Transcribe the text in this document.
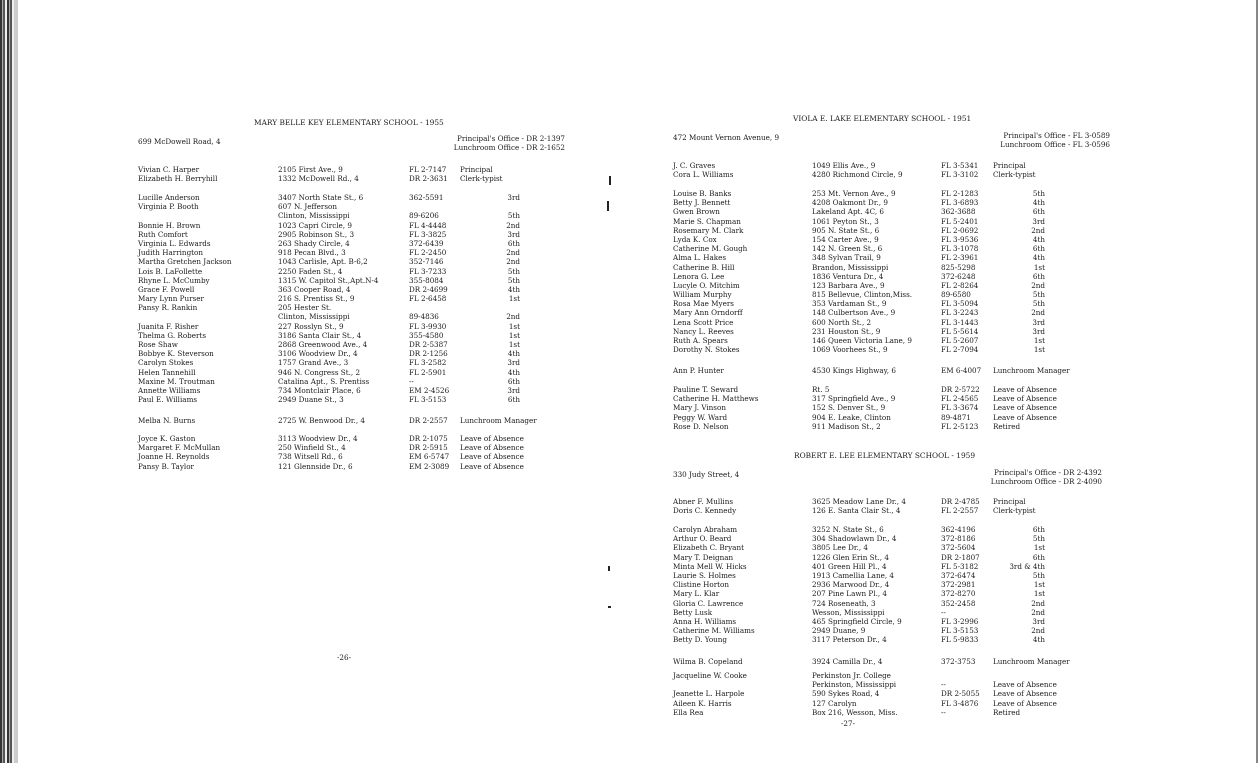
MARY BELLE KEY ELEMENTARY SCHOOL - 1955
699 McDowell Road, 4	Principal's Office - DR 2-1397
Lunchroom Office - DR 2-1652
Vivian C. Harper	2105 First Ave., 9	FL 2-7147 Principal
Elizabeth H. Berryhill	1332 McDowell Rd., 4	DR 2-3631 Clerk-typist
Lucille Anderson	3407 North State St., 6	362-5591	3rd
Virginia P. Booth	607 N. Jefferson
Clinton, Mississippi	89-6206	5th
Bonnie H. Brown	1023 Capri Circle, 9	FL 4-4448	2nd
Ruth Comfort	2905 Robinson St., 3	FL 3-3825	3rd
Virginia L. Edwards	263 Shady Circle, 4	372-6439	6th
Judith Harrington	918 Pecan Blvd., 3	FL 2-2450	2nd
Martha Gretchen Jackson	1043 Carlisle, Apt. B-6,2	352-7146	2nd
Lois B. LaFollette	2250 Faden St., 4	FL 3-7233	5th
Rhyne L. McCumby	1315 W. Capitol St.,Apt.N-4	355-8084	5th
Grace F. Powell	363 Cooper Road, 4	DR 2-4699	4th
Mary Lynn Purser	216 S. Prentiss St., 9	FL 2-6458	1st
Pansy R. Rankin	205 Hester St.
Clinton, Mississippi	89-4836	2nd
Juanita F. Risher	227 Rosslyn St., 9	FL 3-9930	1st
Thelma G. Roberts	3186 Santa Clair St., 4	355-4580	1st
Rose Shaw	2868 Greenwood Ave., 4	DR 2-5387	1st
Bobbye K. Steverson	3106 Woodview Dr., 4	DR 2-1256	4th
Carolyn Stokes	1757 Grand Ave., 3	FL 3-2582	3rd
Helen Tannehill	946 N. Congress St., 2	FL 2-5901	4th
Maxine M. Troutman	Catalina Apt., S. Prentiss	--	6th
Annette Williams	734 Montclair Place, 6	EM 2-4526	3rd
Paul E. Williams	2949 Duane St., 3	FL 3-5153	6th
Melba N. Burns	2725 W. Benwood Dr., 4	DR 2-2557 Lunchroom Manager
Joyce K. Gaston	3113 Woodview Dr., 4	DR 2-1075 Leave of Absence
Margaret F. McMullan	250 Winfield St., 4	DR 2-5915 Leave of Absence
Joanne H. Reynolds	738 Witsell Rd., 6	EM 6-5747 Leave of Absence
Pansy B. Taylor	121 Glennside Dr., 6	EM 2-3089 Leave of Absence
-26-
VIOLA E. LAKE ELEMENTARY SCHOOL - 1951
472 Mount Vernon Avenue, 9	Principal's Office - FL 3-0589
Lunchroom Office - FL 3-0596
J. C. Graves	1049 Ellis Ave., 9	FL 3-5341 Principal
Cora L. Williams	4280 Richmond Circle, 9	FL 3-3102 Clerk-typist
Louise B. Banks	253 Mt. Vernon Ave., 9	FL 2-1283	5th
Betty J. Bennett	4208 Oakmont Dr., 9	FL 3-6893	4th
Gwen Brown	Lakeland Apt. 4C, 6	362-3688	6th
Marie S. Chapman	1061 Peyton St., 3	FL 5-2401	3rd
Rosemary M. Clark	905 N. State St., 6	FL 2-0692	2nd
Lyda K. Cox	154 Carter Ave., 9	FL 3-9536	4th
Catherine M. Gough	142 N. Green St., 6	FL 3-1078	6th
Alma L. Hakes	348 Sylvan Trail, 9	FL 2-3961	4th
Catherine B. Hill	Brandon, Mississippi	825-5298	1st
Lenora G. Lee	1836 Ventura Dr., 4	372-6248	6th
Lucyle O. Mitchim	123 Barbara Ave., 9	FL 2-8264	2nd
William Murphy	815 Bellevue, Clinton,Miss.	89-6580	5th
Rosa Mae Myers	353 Vardaman St., 9	FL 3-5094	5th
Mary Ann Orndorff	148 Culbertson Ave., 9	FL 3-2243	2nd
Lena Scott Price	600 North St., 2	FL 3-1443	3rd
Nancy L. Reeves	231 Houston St., 9	FL 5-5614	3rd
Ruth A. Spears	146 Queen Victoria Lane, 9	FL 5-2607	1st
Dorothy N. Stokes	1069 Voorhees St., 9	FL 2-7094	1st
Ann P. Hunter	4530 Kings Highway, 6	EM 6-4007 Lunchroom Manager
Pauline T. Seward	Rt. 5	DR 2-5722 Leave of Absence
Catherine H. Matthews	317 Springfield Ave., 9	FL 2-4565 Leave of Absence
Mary J. Vinson	152 S. Denver St., 9	FL 3-3674 Leave of Absence
Peggy W. Ward	904 E. Leake, Clinton	89-4871	Leave of Absence
Rose D. Nelson	911 Madison St., 2	FL 2-5123 Retired
ROBERT E. LEE ELEMENTARY SCHOOL - 1959
330 Judy Street, 4	Principal's Office - DR 2-4392
Lunchroom Office - DR 2-4090
Abner F. Mullins	3625 Meadow Lane Dr., 4	DR 2-4785 Principal
Doris C. Kennedy	126 E. Santa Clair St., 4	FL 2-2557 Clerk-typist
Carolyn Abraham	3252 N. State St., 6	362-4196	6th
Arthur O. Beard	304 Shadowlawn Dr., 4	372-8186	5th
Elizabeth C. Bryant	3805 Lee Dr., 4	372-5604	1st
Mary T. Deignan	1226 Glen Erin St., 4	DR 2-1807	6th
Minta Mell W. Hicks	401 Green Hill Pl., 4	FL 5-3182	3rd & 4th
Laurie S. Holmes	1913 Camellia Lane, 4	372-6474	5th
Clistine Horton	2936 Marwood Dr., 4	372-2981	1st
Mary L. Klar	207 Pine Lawn Pl., 4	372-8270	1st
Gloria C. Lawrence	724 Roseneath, 3	352-2458	2nd
Betty Lusk	Wesson, Mississippi	--	2nd
Anna H. Williams	465 Springfield Circle, 9	FL 3-2996	3rd
Catherine M. Williams	2949 Duane, 9	FL 3-5153	2nd
Betty D. Young	3117 Peterson Dr., 4	FL 5-9833	4th
Wilma B. Copeland	3924 Camilla Dr., 4	372-3753 Lunchroom Manager
Jacqueline W. Cooke	Perkinston Jr. College
Perkinston, Mississippi	--	Leave of Absence
Jeanette L. Harpole	590 Sykes Road, 4	DR 2-5055 Leave of Absence
Aileen K. Harris	127 Carolyn	FL 3-4876 Leave of Absence
Ella Rea	Box 216, Wesson, Miss.	--	Retired
-27-
